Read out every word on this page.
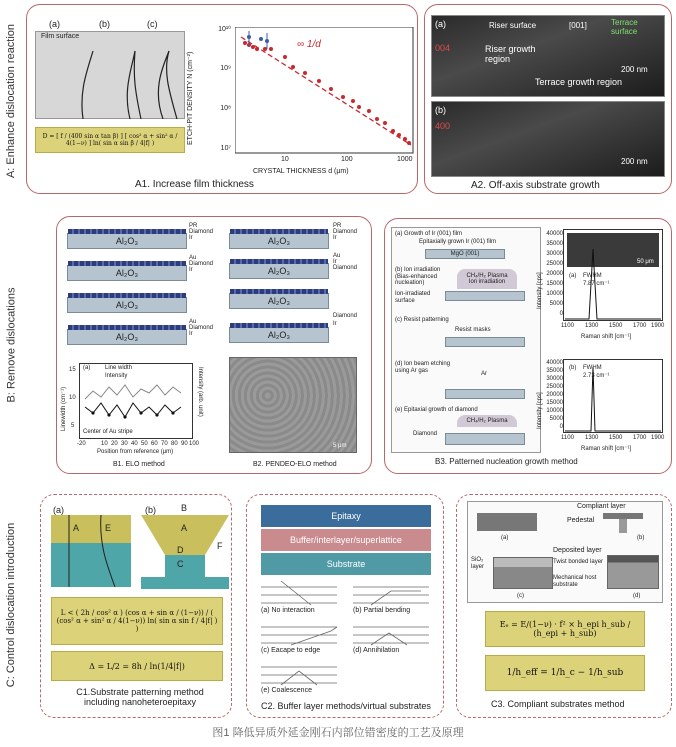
A: Enhance dislocation reaction	(a)	(b)	(c)
Film surface
D = [ f / (400 sin α tan β) ] [ cos² α + sin² α / 4(1−ν) ] ln( sin α sin β / 4|f| )	ETCH-PIT DENSITY N (cm⁻²)
10¹⁰
10⁹
10⁸
10⁷
∞ 1/d
10	100	1000
CRYSTAL THICKNESS d (μm)
A1. Increase film thickness
(a)	Riser surface	[001]	Terrace surface
004	Riser growth region
Terrace growth region
200 nm
(b)
400
200 nm
A2. Off-axis substrate growth
B: Remove dislocations
Al₂O₃
Al₂O₃
Al₂O₃
Al₂O₃
PR
Diamond
Ir
Au
Diamond
Ir
Au
Diamond
Ir
(a) Line width
Intensity
Center of Au stripe
15
10
5
Linewidth (cm⁻¹)	Intensity (arb. unit)
-20	10 20 30 40 50 60 70 80 90 100
Position from reference (μm)
B1. ELO method
Al₂O₃
Al₂O₃
Al₂O₃
Al₂O₃
PR
Diamond
Ir
Au
Ir
Diamond
Diamond
Ir
5 μm
B2. PENDEO-ELO method
(a) Growth of Ir (001) film
Epitaxially grown Ir (001) film
MgO (001)
(b) Ion irradiation (Bias-enhanced nucleation)
CH₄/H₂ Plasma
Ion irradiation
Ion-irradiated surface
(c) Resist patterning
Resist masks
(d) Ion beam etching using Ar gas
Ar
(e) Epitaxial growth of diamond
CH₄/H₂ Plasma
Diamond
50 μm
(a) FWHM
7.87 cm⁻¹
(b) FWHM
2.73 cm⁻¹
Intensity [cps]
Intensity [cps]
40000
35000
30000
25000
20000
15000
10000
5000
0
40000
35000
30000
25000
20000
15000
10000
5000
0
1100 1300 1500 1700 1900
Raman shift [cm⁻¹]
1100 1300 1500 1700 1900
Raman shift [cm⁻¹]
B3. Patterned nucleation growth method
C: Control dislocation introduction
(a)
A	E
(b)	B
A
D	F
C
L < ( 2h / cos² α ) (cos α + sin α / (1−ν)) / ( (cos² α + sin² α / 4(1−ν)) ln( sin α sin f / 4|f| ) )
Δ = L/2 = 8h / ln(1/4|f|)
C1.Substrate patterning method including nanoheteroepitaxy
Epitaxy
Buffer/interlayer/superlattice
Substrate
(a) No interaction	(b) Partial bending
(c) Eacape to edge	(d) Annihilation
(e) Coalescence
C2. Buffer layer methods/virtual substrates
Compliant layer
(a)
Pedestal
(b)
Deposited layer
SiO₂ layer
Twist bonded layer
Mechanical host substrate
(c)	(d)
Eₑ = E/(1−ν) · f² × h_epi h_sub / (h_epi + h_sub)
1/h_eff = 1/h_c − 1/h_sub
C3. Compliant substrates method
图1 降低异质外延金刚石内部位错密度的工艺及原理
